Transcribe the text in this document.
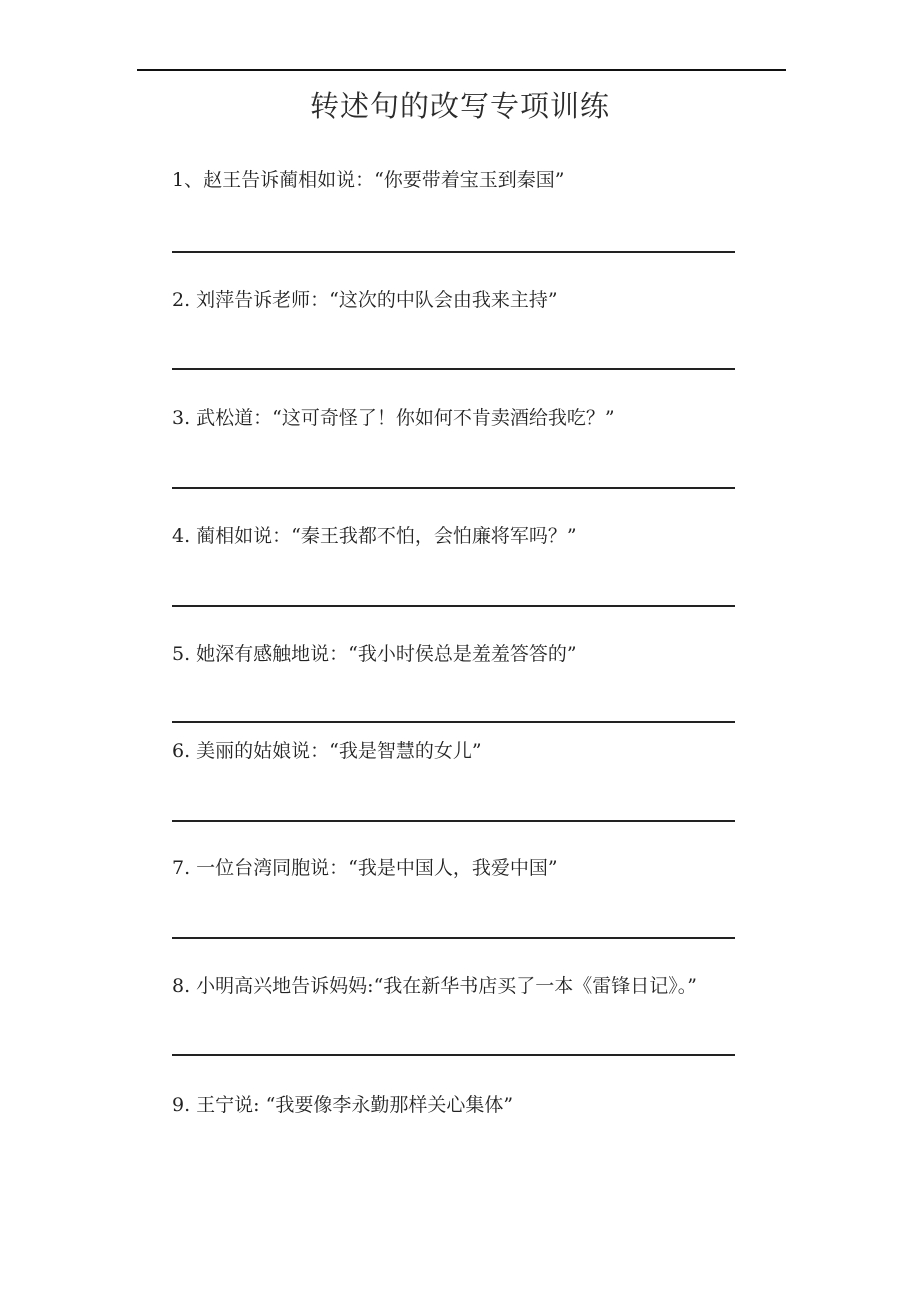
转述句的改写专项训练
1、赵王告诉蔺相如说：“你要带着宝玉到秦国”
2. 刘萍告诉老师：“这次的中队会由我来主持”
3. 武松道：“这可奇怪了！你如何不肯卖酒给我吃？”
4. 蔺相如说：“秦王我都不怕，会怕廉将军吗？”
5. 她深有感触地说：“我小时侯总是羞羞答答的”
6. 美丽的姑娘说：“我是智慧的女儿”
7. 一位台湾同胞说：“我是中国人，我爱中国”
8. 小明高兴地告诉妈妈:“我在新华书店买了一本《雷锋日记》。”
9. 王宁说: “我要像李永勤那样关心集体”
